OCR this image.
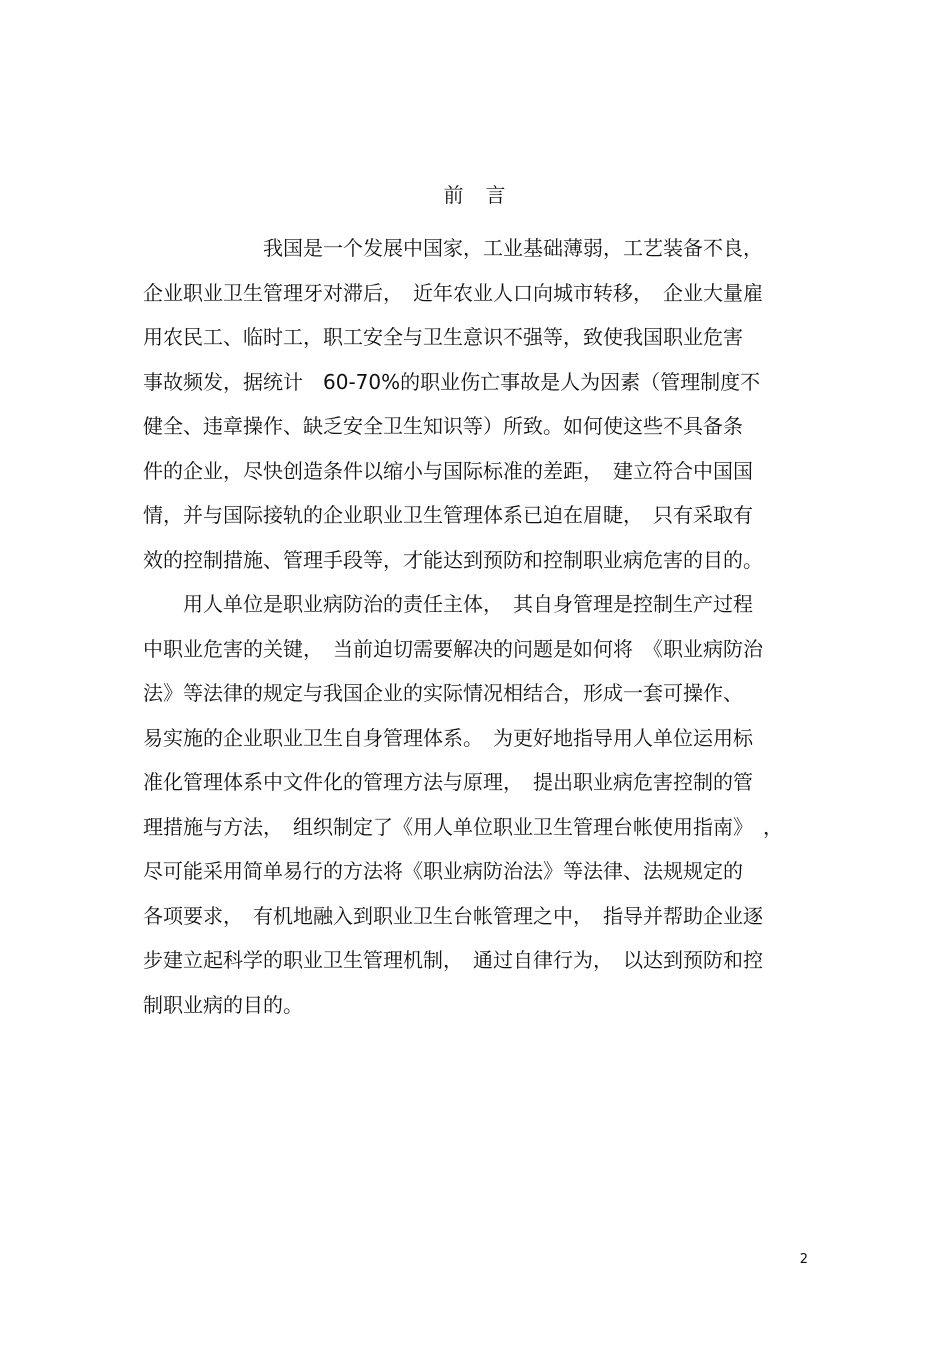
前　言
　　　　　　我国是一个发展中国家，工业基础薄弱，工艺装备不良，
企业职业卫生管理牙对滞后，　近年农业人口向城市转移，　企业大量雇
用农民工、临时工，职工安全与卫生意识不强等，致使我国职业危害
事故频发，据统计　60-70%的职业伤亡事故是人为因素（管理制度不
健全、违章操作、缺乏安全卫生知识等）所致。如何使这些不具备条
件的企业，尽快创造条件以缩小与国际标准的差距，　建立符合中国国
情，并与国际接轨的企业职业卫生管理体系已迫在眉睫，　只有采取有
效的控制措施、管理手段等，才能达到预防和控制职业病危害的目的。
　　用人单位是职业病防治的责任主体，　其自身管理是控制生产过程
中职业危害的关键，　当前迫切需要解决的问题是如何将　《职业病防治
法》等法律的规定与我国企业的实际情况相结合，形成一套可操作、
易实施的企业职业卫生自身管理体系。　为更好地指导用人单位运用标
准化管理体系中文件化的管理方法与原理，　提出职业病危害控制的管
理措施与方法，　组织制定了《用人单位职业卫生管理台帐使用指南》　，
尽可能采用简单易行的方法将《职业病防治法》等法律、法规规定的
各项要求，　有机地融入到职业卫生台帐管理之中，　指导并帮助企业逐
步建立起科学的职业卫生管理机制，　通过自律行为，　以达到预防和控
制职业病的目的。
2
